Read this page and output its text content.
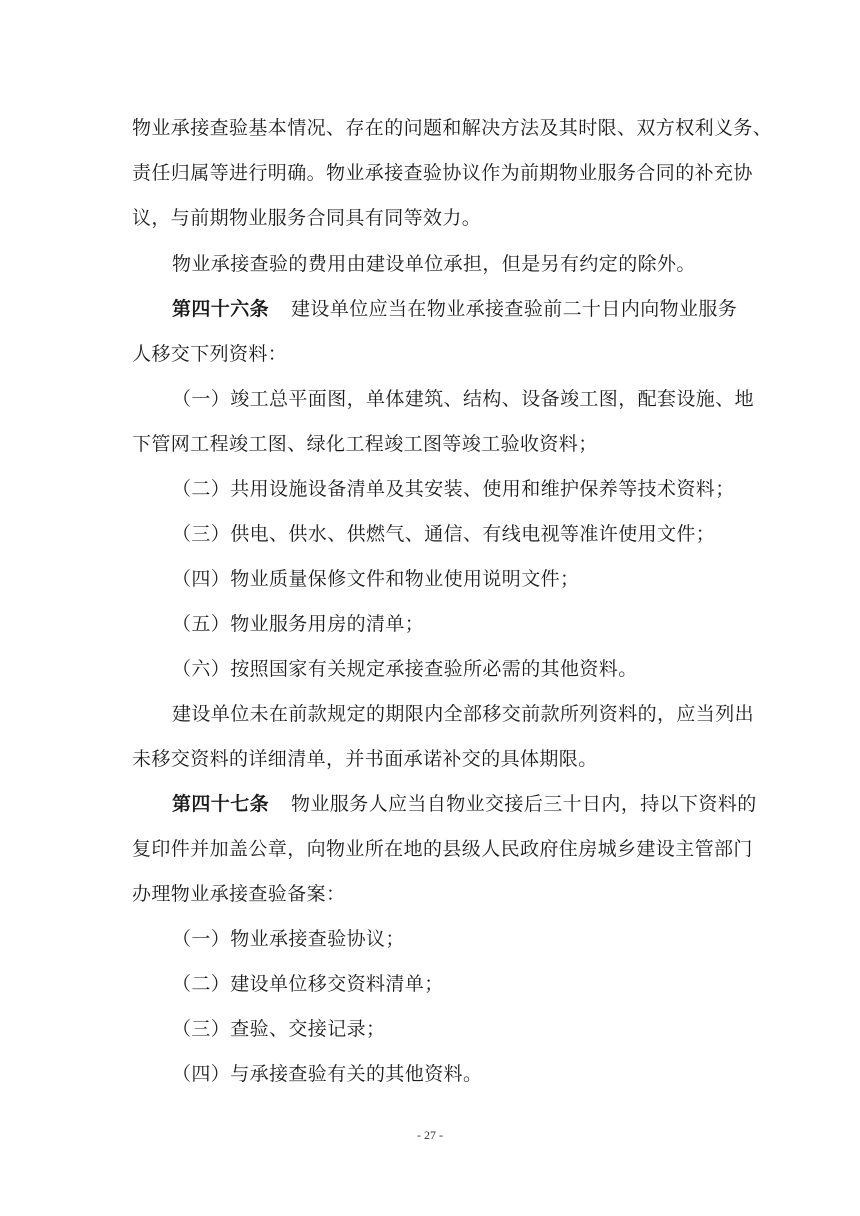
物业承接查验基本情况、存在的问题和解决方法及其时限、双方权利义务、
责任归属等进行明确。物业承接查验协议作为前期物业服务合同的补充协
议，与前期物业服务合同具有同等效力。
物业承接查验的费用由建设单位承担，但是另有约定的除外。
第四十六条 建设单位应当在物业承接查验前二十日内向物业服务
人移交下列资料：
（一）竣工总平面图，单体建筑、结构、设备竣工图，配套设施、地
下管网工程竣工图、绿化工程竣工图等竣工验收资料；
（二）共用设施设备清单及其安装、使用和维护保养等技术资料；
（三）供电、供水、供燃气、通信、有线电视等准许使用文件；
（四）物业质量保修文件和物业使用说明文件；
（五）物业服务用房的清单；
（六）按照国家有关规定承接查验所必需的其他资料。
建设单位未在前款规定的期限内全部移交前款所列资料的，应当列出
未移交资料的详细清单，并书面承诺补交的具体期限。
第四十七条 物业服务人应当自物业交接后三十日内，持以下资料的
复印件并加盖公章，向物业所在地的县级人民政府住房城乡建设主管部门
办理物业承接查验备案：
（一）物业承接查验协议；
（二）建设单位移交资料清单；
（三）查验、交接记录；
（四）与承接查验有关的其他资料。
- 27 -
